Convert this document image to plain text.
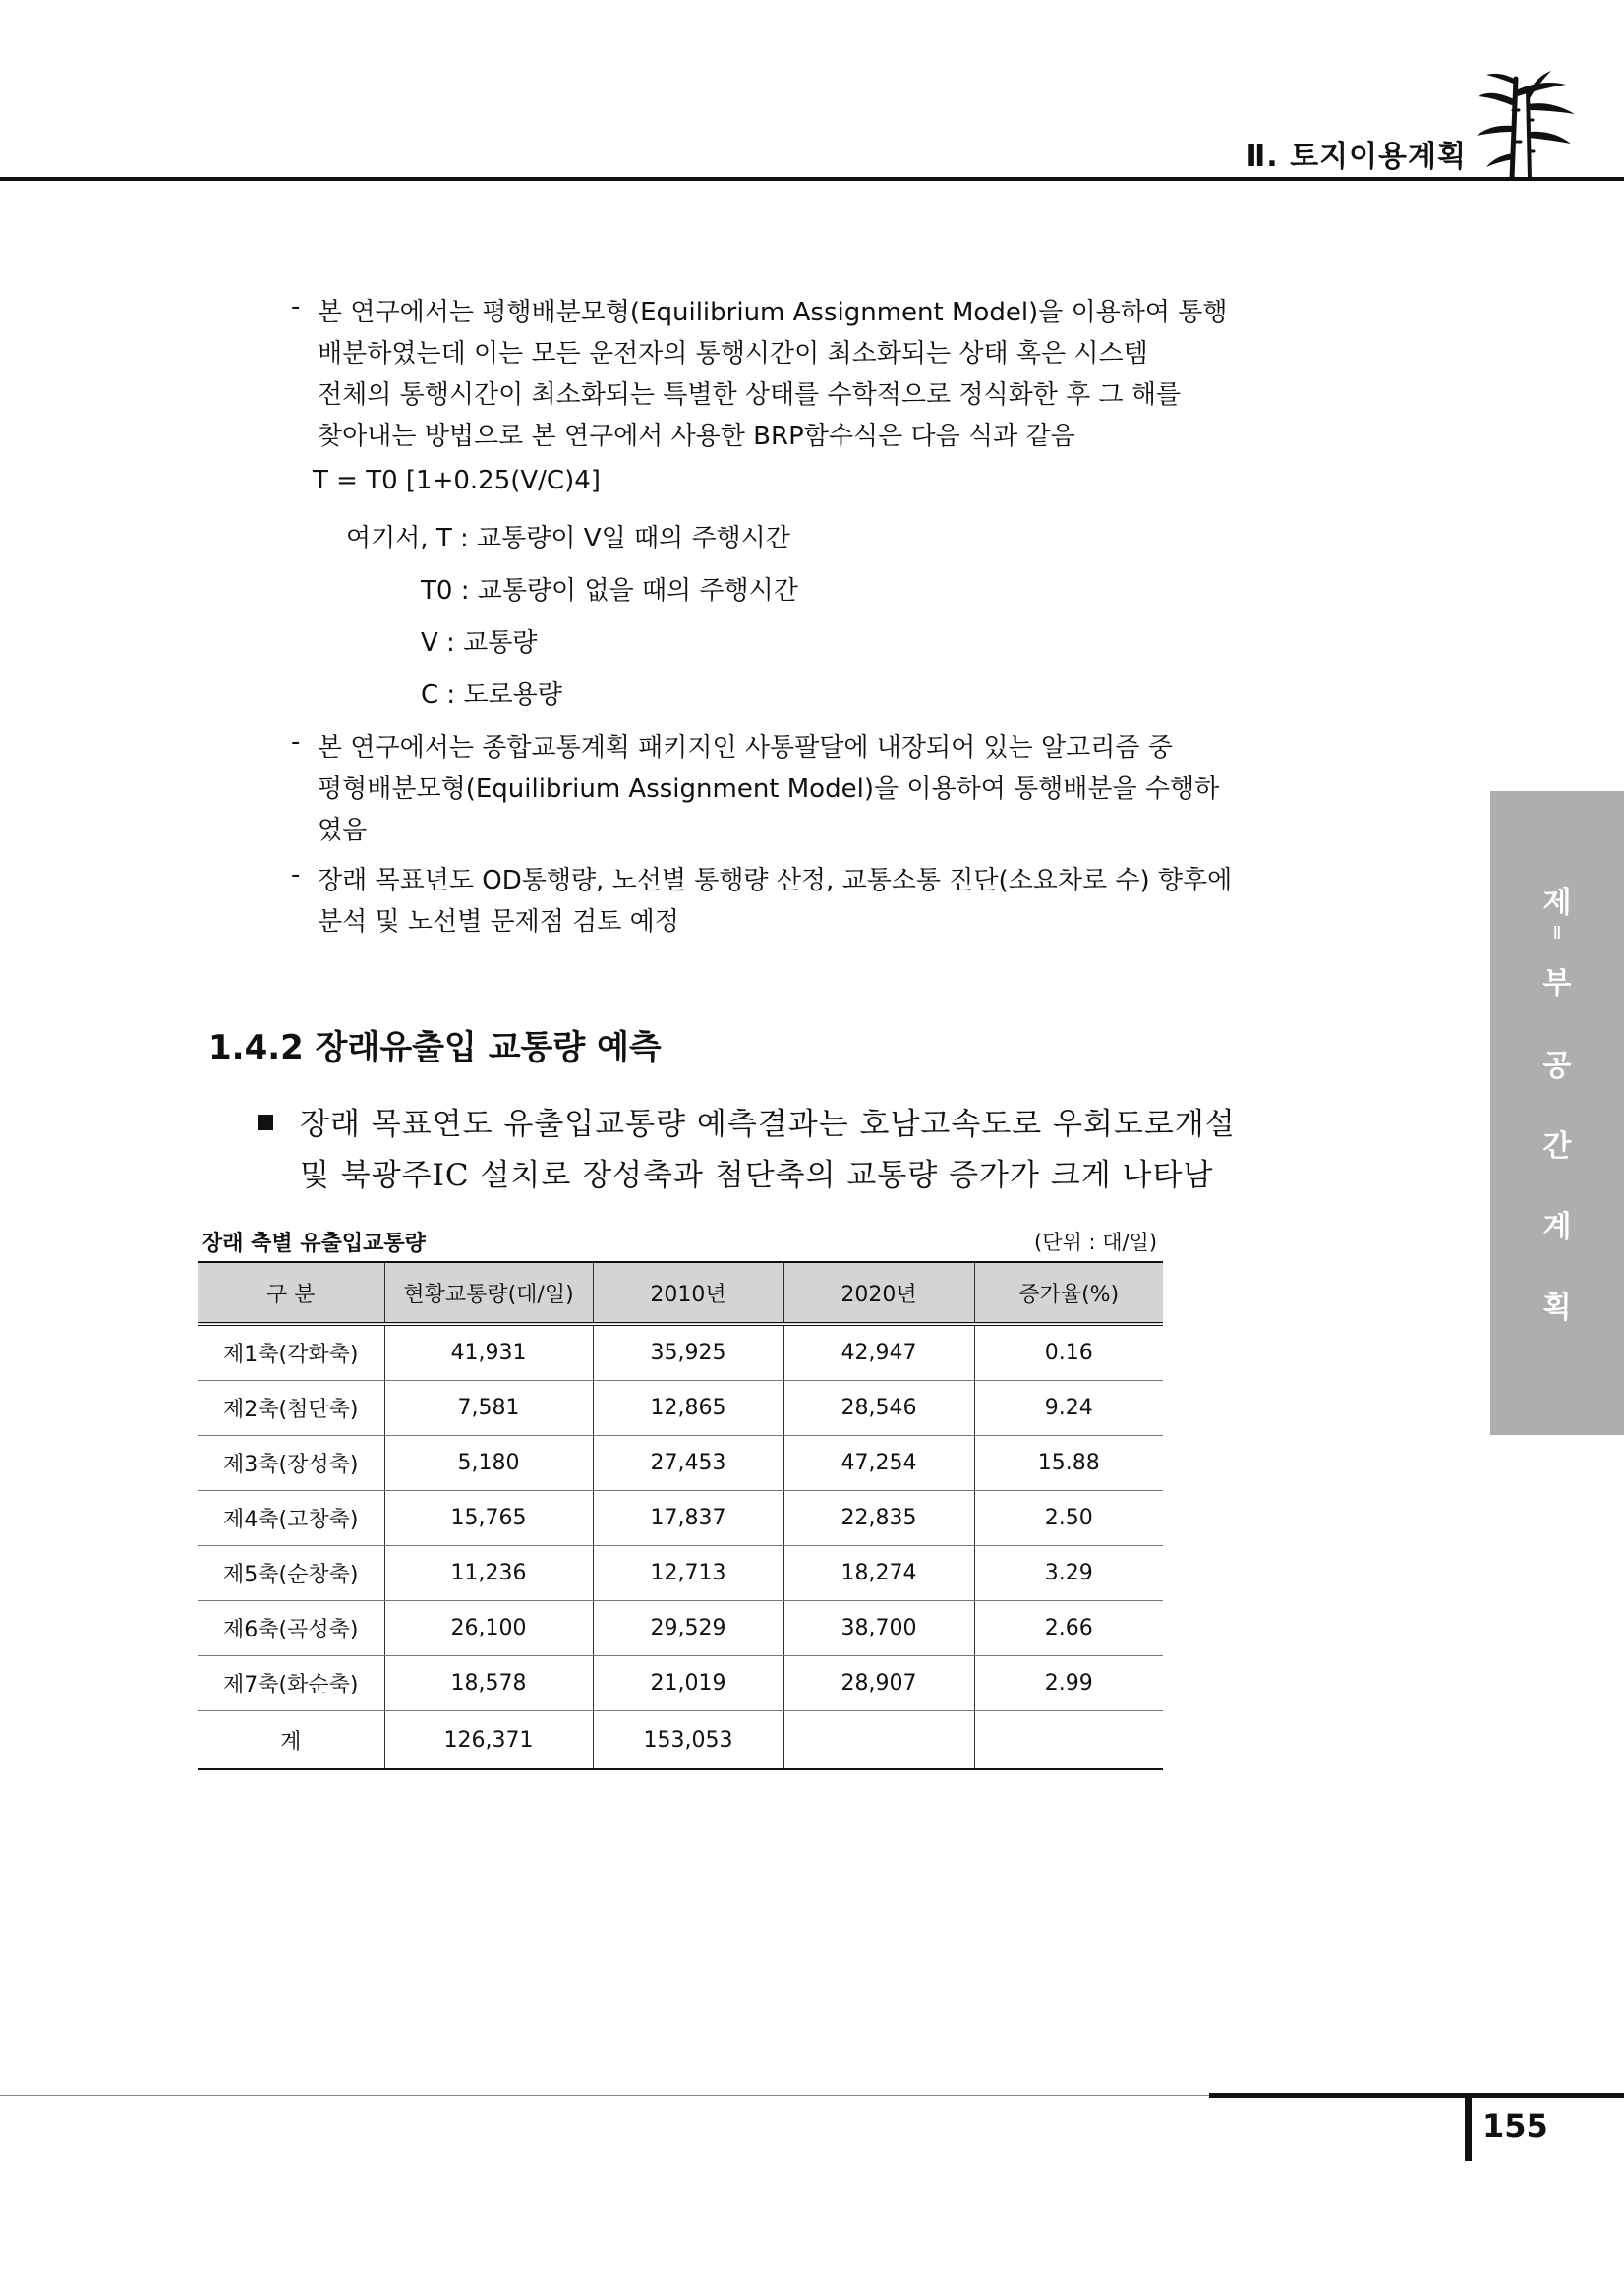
Ⅱ. 토지이용계획
제
Ⅱ
부
공
간
계
획
- 본 연구에서는 평행배분모형(Equilibrium Assignment Model)을 이용하여 통행
배분하였는데 이는 모든 운전자의 통행시간이 최소화되는 상태 혹은 시스템
전체의 통행시간이 최소화되는 특별한 상태를 수학적으로 정식화한 후 그 해를
찾아내는 방법으로 본 연구에서 사용한 BRP함수식은 다음 식과 같음
T = T0 [1+0.25(V/C)4]
여기서, T : 교통량이 V일 때의 주행시간
T0 : 교통량이 없을 때의 주행시간
V : 교통량
C : 도로용량
- 본 연구에서는 종합교통계획 패키지인 사통팔달에 내장되어 있는 알고리즘 중
평형배분모형(Equilibrium Assignment Model)을 이용하여 통행배분을 수행하
였음
- 장래 목표년도 OD통행량, 노선별 통행량 산정, 교통소통 진단(소요차로 수) 향후에
분석 및 노선별 문제점 검토 예정
1.4.2 장래유출입 교통량 예측
장래 목표연도 유출입교통량 예측결과는 호남고속도로 우회도로개설
및 북광주IC 설치로 장성축과 첨단축의 교통량 증가가 크게 나타남
장래 축별 유출입교통량	(단위 : 대/일)
구 분	현황교통량(대/일)	2010년	2020년	증가율(%)
제1축(각화축)	41,931	35,925	42,947	0.16
제2축(첨단축)	7,581	12,865	28,546	9.24
제3축(장성축)	5,180	27,453	47,254	15.88
제4축(고창축)	15,765	17,837	22,835	2.50
제5축(순창축)	11,236	12,713	18,274	3.29
제6축(곡성축)	26,100	29,529	38,700	2.66
제7축(화순축)	18,578	21,019	28,907	2.99
계	126,371	153,053		
155
